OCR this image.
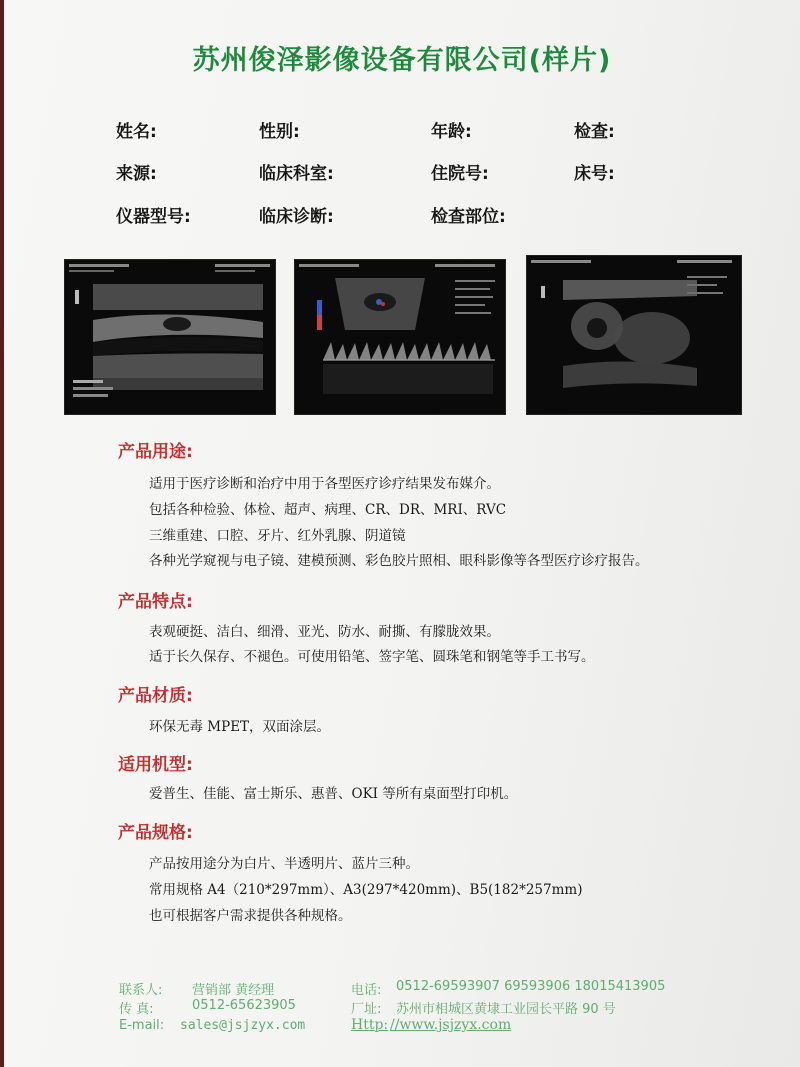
苏州俊泽影像设备有限公司(样片)
姓名:	性别:	年龄:	检查:
来源:	临床科室:	住院号:	床号:
仪器型号:	临床诊断:	检查部位:
产品用途:
适用于医疗诊断和治疗中用于各型医疗诊疗结果发布媒介。
包括各种检验、体检、超声、病理、CR、DR、MRI、RVC
三维重建、口腔、牙片、红外乳腺、阴道镜
各种光学窥视与电子镜、建模预测、彩色胶片照相、眼科影像等各型医疗诊疗报告。
产品特点:
表观硬挺、洁白、细滑、亚光、防水、耐撕、有朦胧效果。
适于长久保存、不褪色。可使用铅笔、签字笔、圆珠笔和钢笔等手工书写。
产品材质:
环保无毒 MPET，双面涂层。
适用机型:
爱普生、佳能、富士斯乐、惠普、OKI 等所有桌面型打印机。
产品规格:
产品按用途分为白片、半透明片、蓝片三种。
常用规格 A4（210*297mm）、A3(297*420mm)、B5(182*257mm)
也可根据客户需求提供各种规格。
联系人: 营销部 黄经理
传 真:	0512-65623905
E-mail: sales@jsjzyx.com
电话: 0512-69593907 69593906 18015413905
厂址: 苏州市相城区黄埭工业园长平路 90 号
Http: //www.jsjzyx.com
